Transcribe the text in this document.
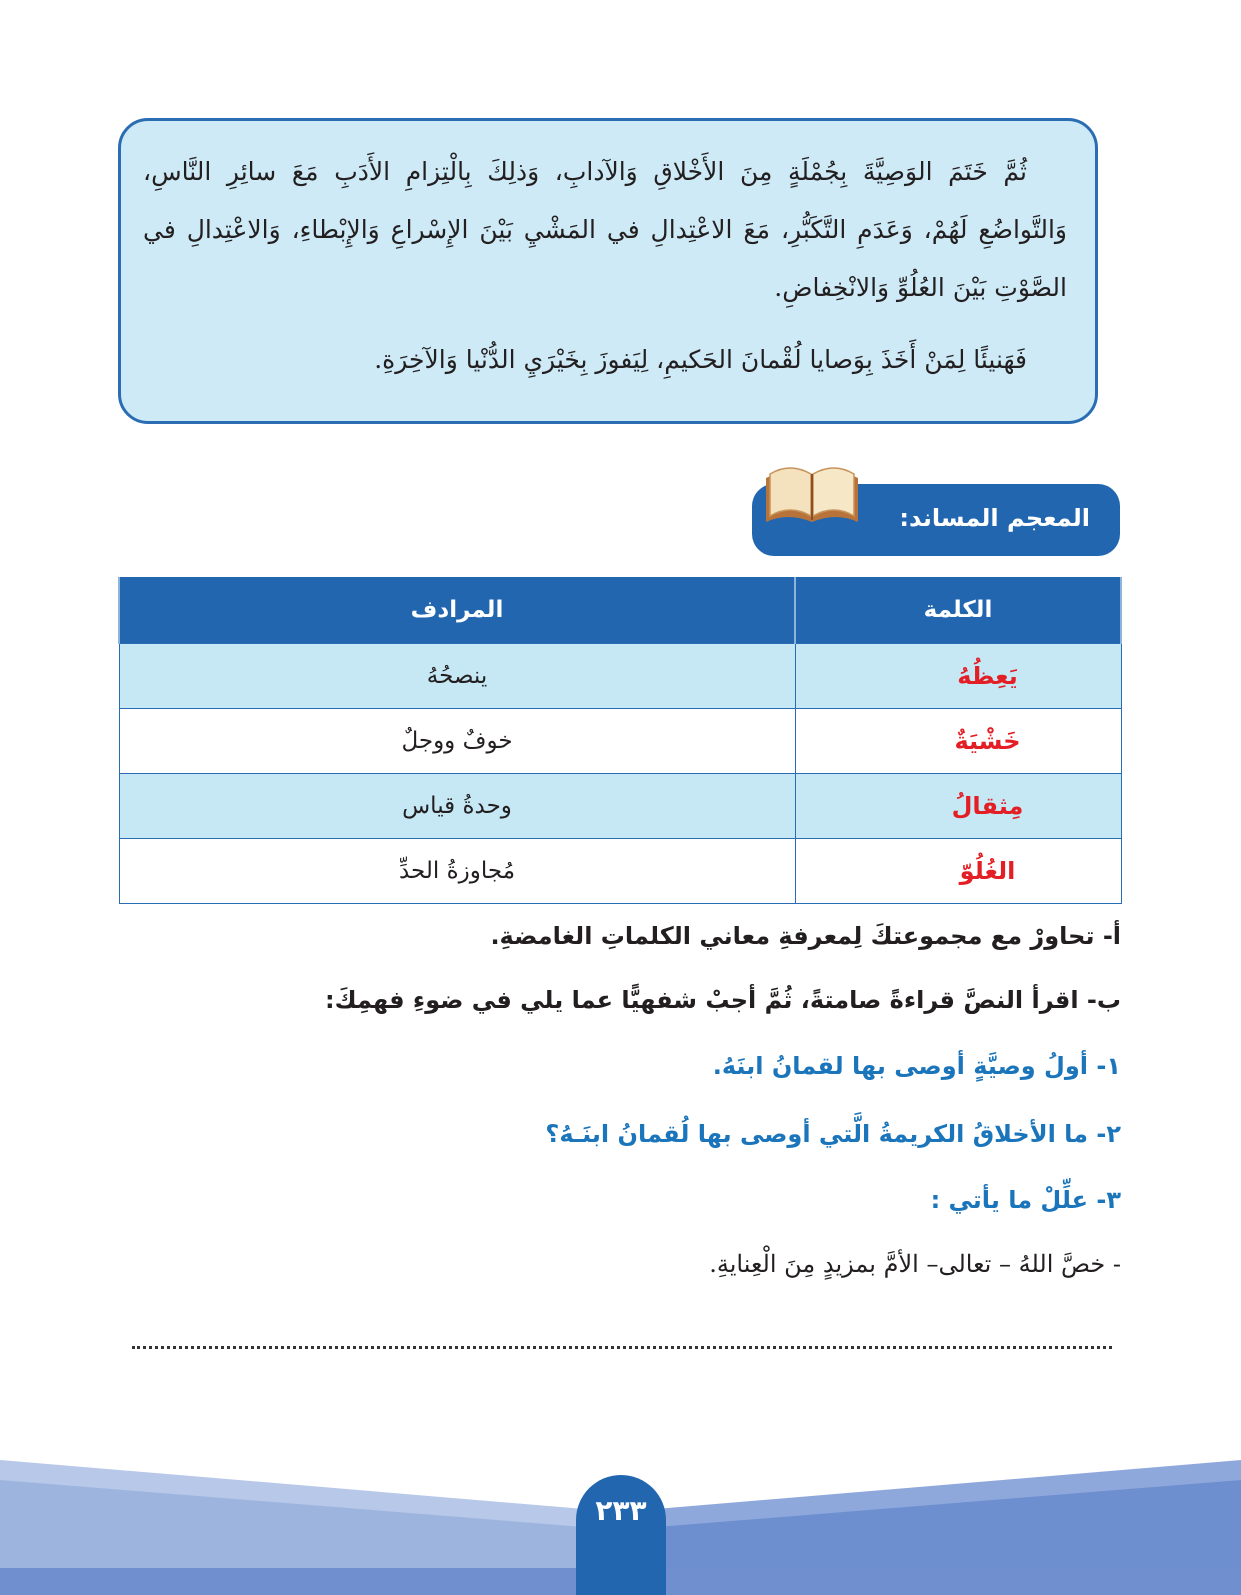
ثُمَّ خَتَمَ الوَصِيَّةَ بِجُمْلَةٍ مِنَ الأَخْلاقِ وَالآدابِ، وَذلِكَ بِالْتِزامِ الأَدَبِ مَعَ سائِرِ النَّاسِ، وَالتَّواضُعِ لَهُمْ، وَعَدَمِ التَّكَبُّرِ، مَعَ الاعْتِدالِ في المَشْيِ بَيْنَ الإِسْراعِ وَالإِبْطاءِ، وَالاعْتِدالِ في الصَّوْتِ بَيْنَ العُلُوِّ وَالانْخِفاضِ.

فَهَنيئًا لِمَنْ أَخَذَ بِوَصايا لُقْمانَ الحَكيمِ، لِيَفوزَ بِخَيْرَيِ الدُّنْيا وَالآخِرَةِ.

المعجم المساند:
الكلمة	المرادف
يَعِظُهُ	ينصحُهُ
خَشْيَةٌ	خوفٌ ووجلٌ
مِثقالُ	وحدةُ قياس
الغُلُوّ	مُجاوزةُ الحدِّ
أ- تحاورْ مع مجموعتكَ لِمعرفةِ معاني الكلماتِ الغامضةِ.
ب- اقرأ النصَّ قراءةً صامتةً، ثُمَّ أجبْ شفهيًّا عما يلي في ضوءِ فهمِكَ:
١- أولُ وصيَّةٍ أوصى بها لقمانُ ابنَهُ.
٢- ما الأخلاقُ الكريمةُ الَّتي أوصى بها لُقمانُ ابنَـهُ؟
٣- علِّلْ ما يأتي :
- خصَّ اللهُ – تعالى– الأمَّ بمزيدٍ مِنَ الْعِنايةِ.
٢٣٣
